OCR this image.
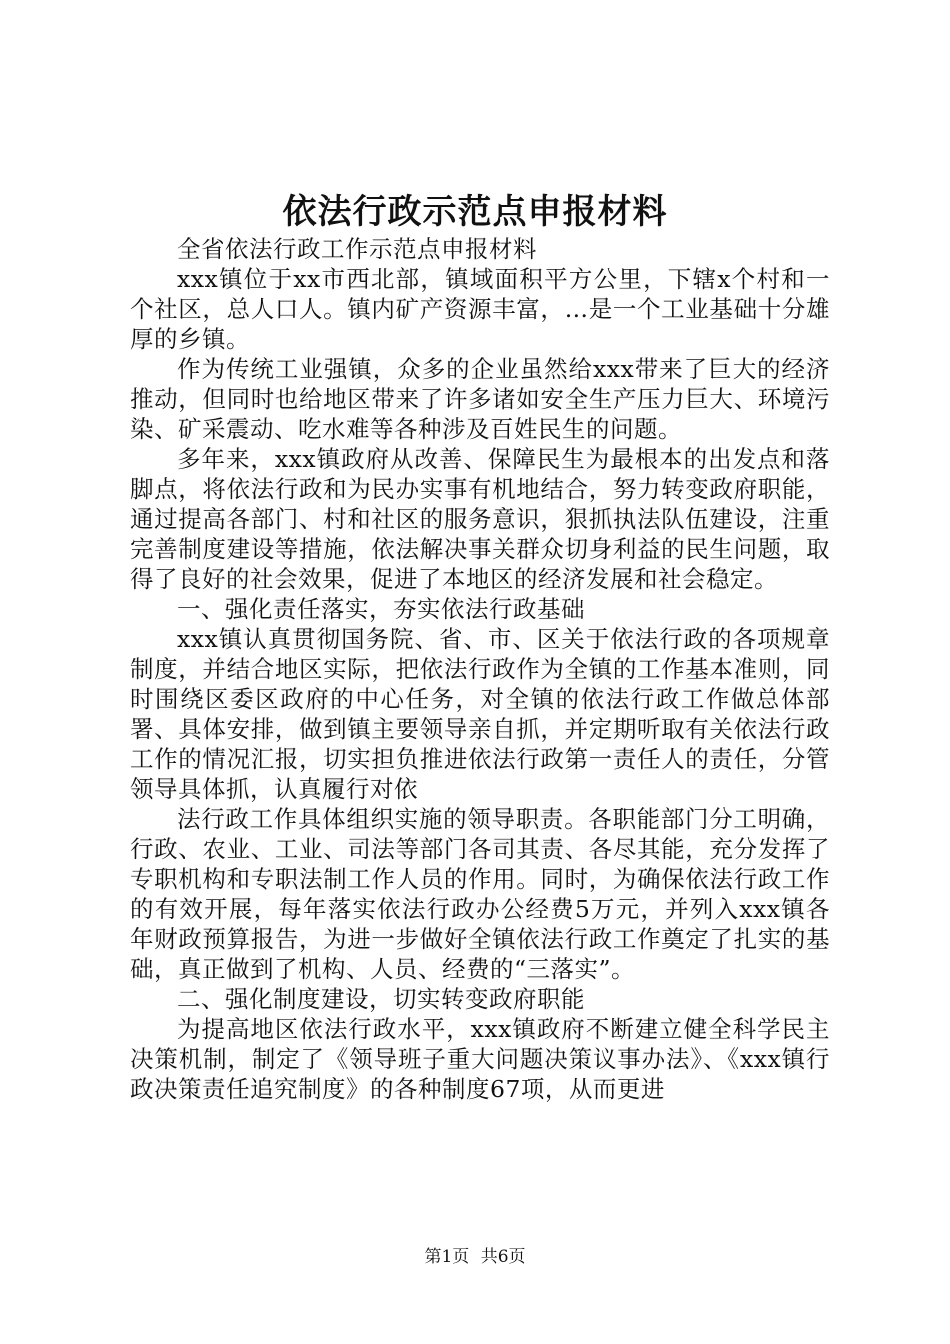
依法行政示范点申报材料

全省依法行政工作示范点申报材料

xxx镇位于xx市西北部，镇域面积平方公里，下辖x个村和一个社区，总人口人。镇内矿产资源丰富，…是一个工业基础十分雄厚的乡镇。

作为传统工业强镇，众多的企业虽然给xxx带来了巨大的经济推动，但同时也给地区带来了许多诸如安全生产压力巨大、环境污染、矿采震动、吃水难等各种涉及百姓民生的问题。

多年来，xxx镇政府从改善、保障民生为最根本的出发点和落脚点，将依法行政和为民办实事有机地结合，努力转变政府职能，通过提高各部门、村和社区的服务意识，狠抓执法队伍建设，注重完善制度建设等措施，依法解决事关群众切身利益的民生问题，取得了良好的社会效果，促进了本地区的经济发展和社会稳定。

一、强化责任落实，夯实依法行政基础

xxx镇认真贯彻国务院、省、市、区关于依法行政的各项规章制度，并结合地区实际，把依法行政作为全镇的工作基本准则，同时围绕区委区政府的中心任务，对全镇的依法行政工作做总体部署、具体安排，做到镇主要领导亲自抓，并定期听取有关依法行政工作的情况汇报，切实担负推进依法行政第一责任人的责任，分管领导具体抓，认真履行对依

法行政工作具体组织实施的领导职责。各职能部门分工明确，行政、农业、工业、司法等部门各司其责、各尽其能，充分发挥了专职机构和专职法制工作人员的作用。同时，为确保依法行政工作的有效开展，每年落实依法行政办公经费5万元，并列入xxx镇各年财政预算报告，为进一步做好全镇依法行政工作奠定了扎实的基础，真正做到了机构、人员、经费的“三落实”。

二、强化制度建设，切实转变政府职能

为提高地区依法行政水平，xxx镇政府不断建立健全科学民主决策机制，制定了《领导班子重大问题决策议事办法》、《xxx镇行政决策责任追究制度》的各种制度67项，从而更进

第1页 共6页
